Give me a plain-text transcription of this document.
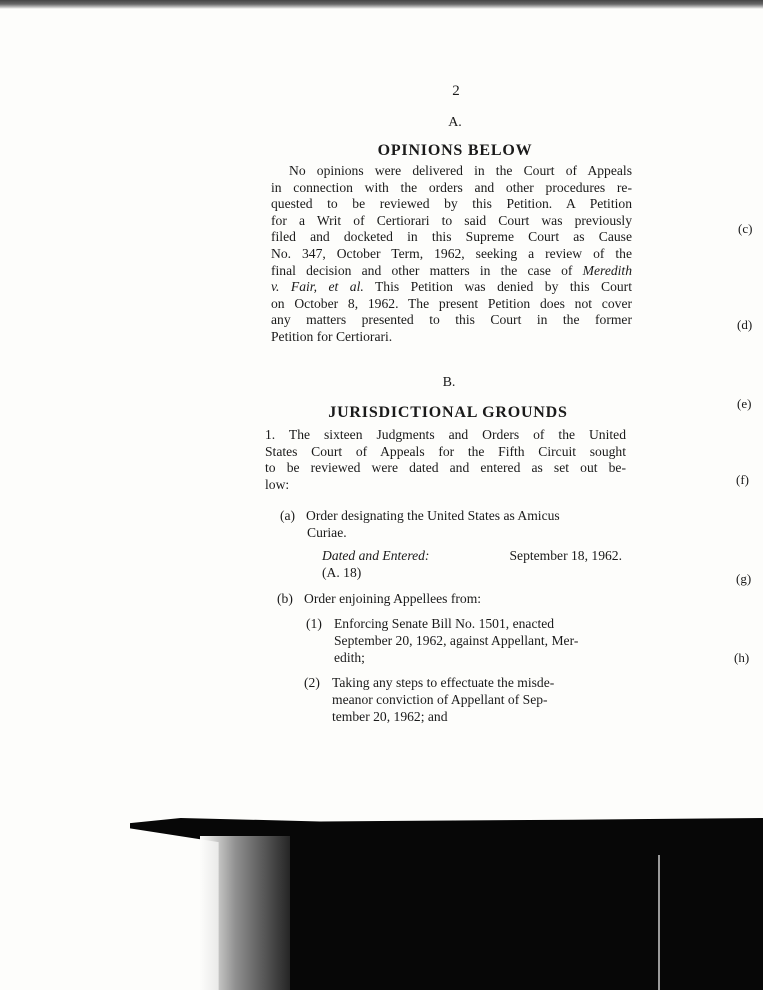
2
A.
OPINIONS BELOW
No opinions were delivered in the Court of Appeals
in connection with the orders and other procedures re-
quested to be reviewed by this Petition. A Petition
for a Writ of Certiorari to said Court was previously
filed and docketed in this Supreme Court as Cause
No. 347, October Term, 1962, seeking a review of the
final decision and other matters in the case of Meredith
v. Fair, et al. This Petition was denied by this Court
on October 8, 1962. The present Petition does not cover
any matters presented to this Court in the former
Petition for Certiorari.
B.
JURISDICTIONAL GROUNDS
1. The sixteen Judgments and Orders of the United
States Court of Appeals for the Fifth Circuit sought
to be reviewed were dated and entered as set out be-
low:
(a) Order designating the United States as Amicus
Curiae.
Dated and Entered:	September 18, 1962.
(A. 18)
(b) Order enjoining Appellees from:
(1) Enforcing Senate Bill No. 1501, enacted
September 20, 1962, against Appellant, Mer-
edith;
(2) Taking any steps to effectuate the misde-
meanor conviction of Appellant of Sep-
tember 20, 1962; and
(c)
(d)
(e)
(f)
(g)
(h)
